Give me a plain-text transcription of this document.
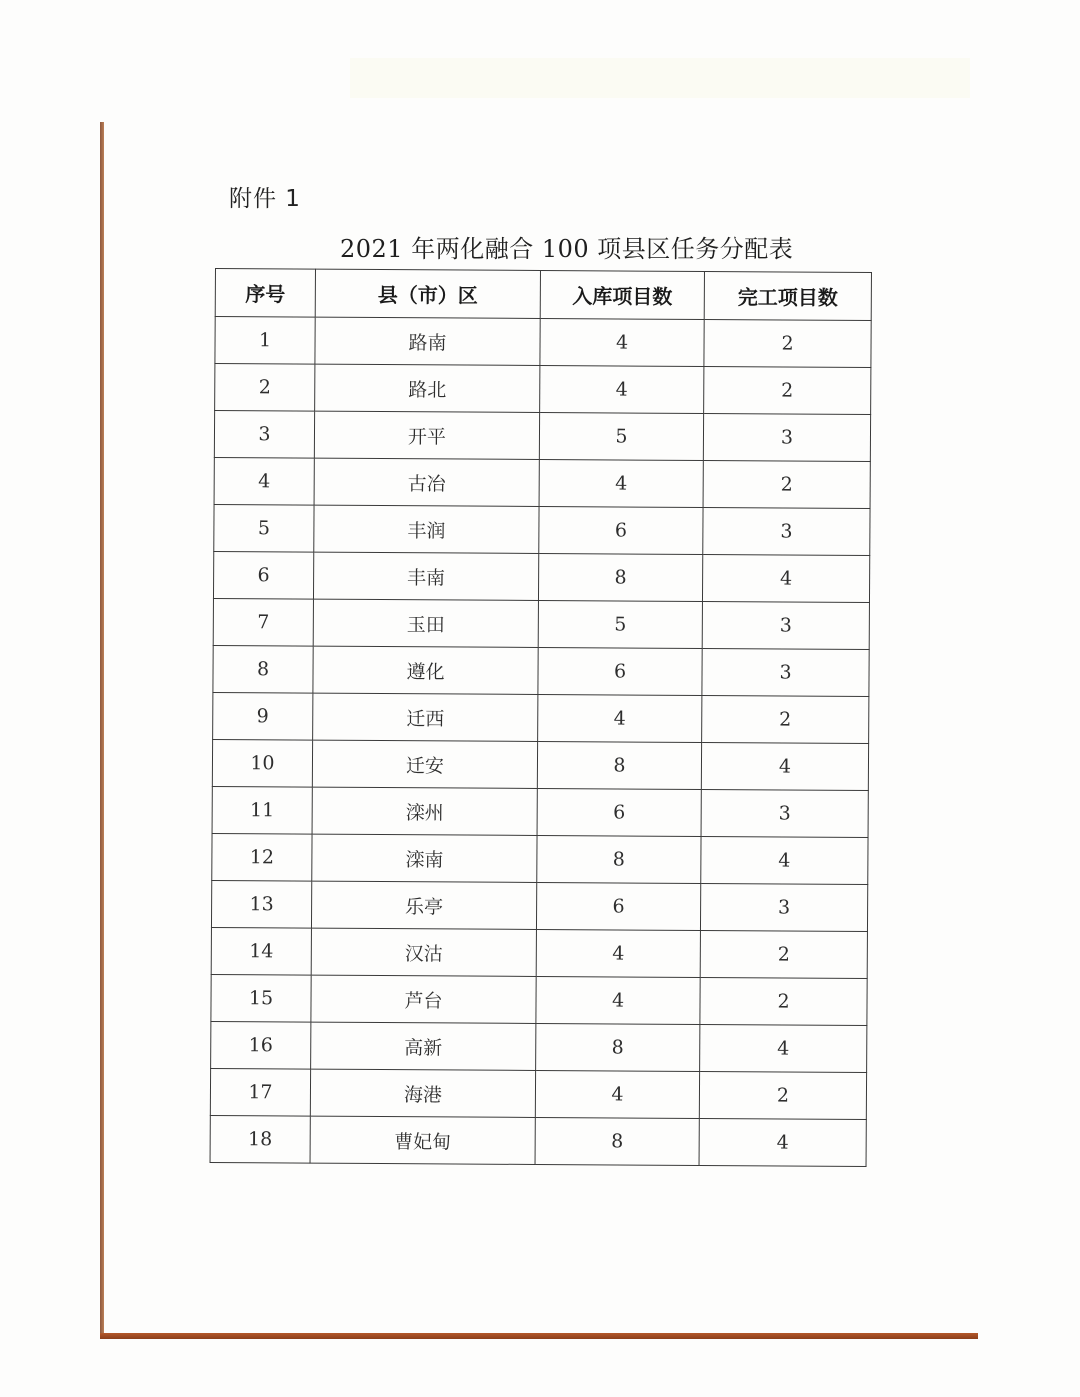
附件 1
2021 年两化融合 100 项县区任务分配表
序号	县（市）区	入库项目数	完工项目数
1	路南	4	2
2	路北	4	2
3	开平	5	3
4	古冶	4	2
5	丰润	6	3
6	丰南	8	4
7	玉田	5	3
8	遵化	6	3
9	迁西	4	2
10	迁安	8	4
11	滦州	6	3
12	滦南	8	4
13	乐亭	6	3
14	汉沽	4	2
15	芦台	4	2
16	高新	8	4
17	海港	4	2
18	曹妃甸	8	4
